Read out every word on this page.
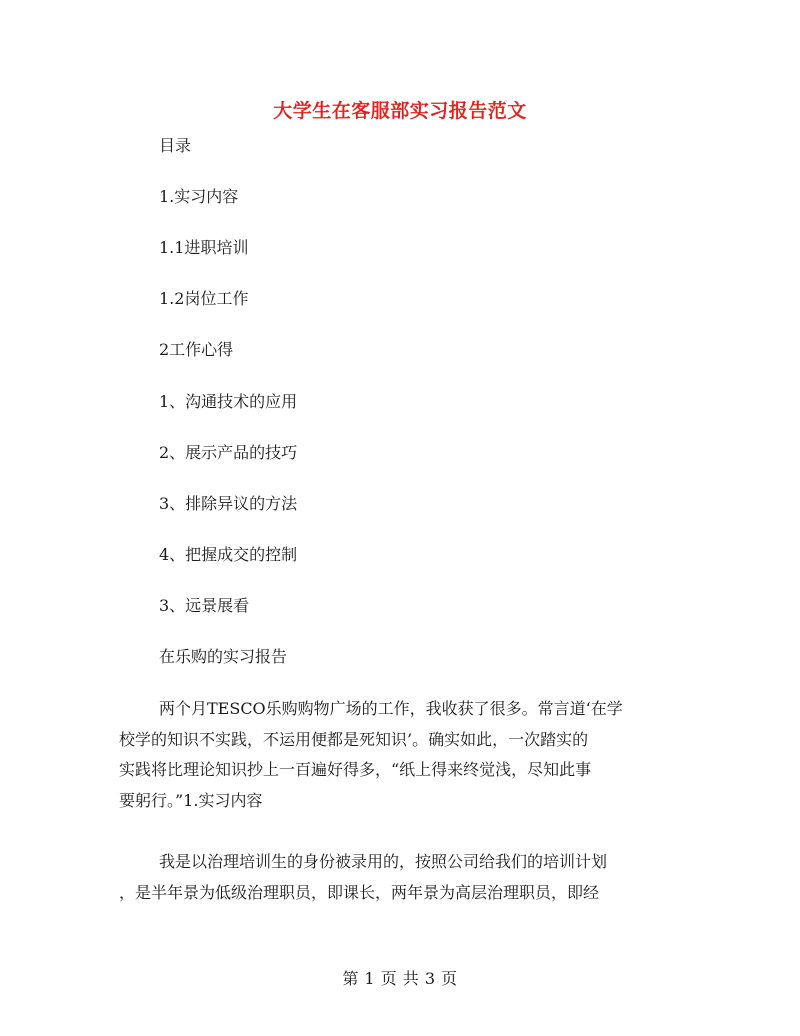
大学生在客服部实习报告范文
目录
1.实习内容
1.1进职培训
1.2岗位工作
2工作心得
1、沟通技术的应用
2、展示产品的技巧
3、排除异议的方法
4、把握成交的控制
3、远景展看
在乐购的实习报告

两个月TESCO乐购购物广场的工作，我收获了很多。常言道‘在学
校学的知识不实践，不运用便都是死知识’。确实如此，一次踏实的
实践将比理论知识抄上一百遍好得多，“纸上得来终觉浅，尽知此事
要躬行。”1.实习内容

我是以治理培训生的身份被录用的，按照公司给我们的培训计划
，是半年景为低级治理职员，即课长，两年景为高层治理职员，即经

第 1 页 共 3 页
